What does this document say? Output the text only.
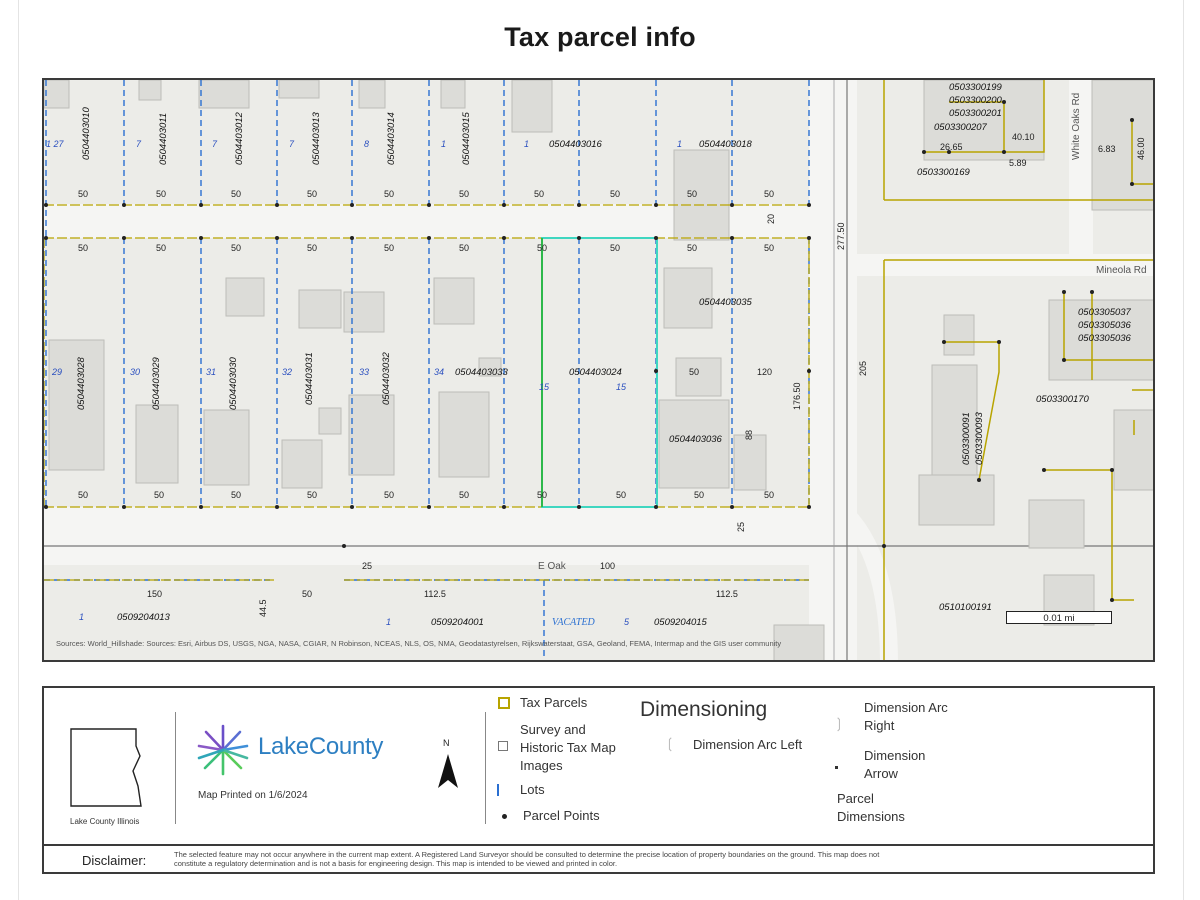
Tax parcel info
E Oak
Mineola Rd
White Oaks Rd
VACATED
0504403010	0504403011	0504403012	0504403013	0504403014	0504403015	0504403016	0504403018
0504403028	0504403029	0504403030	0504403031	0504403032	0504403033	0504403024
0504403035
0504403036
0509204013	0509204001	0509204015
0510100191
0503300199
0503300200
0503300201
0503300207
0503300169
0503305037
0503305036
0503305036
0503300170
0503300091 0503300093
1 27	7	7	7	8	1	1	1
29	30	31	32	33	34
15	15
1	1	5
50	50	50	50	50	50	50	50	50	50
50	50	50	50	50	50	50	50	50	50
50	50	50	50	50	50	50	50	50	50
50	120
20
100
112.5	112.5
150	50
25
44.5
205
176.50
25
88
26.65
40.10
5.89
6.83 46.00
277.50
Sources: World_Hillshade: Sources: Esri, Airbus DS, USGS, NGA, NASA, CGIAR, N Robinson, NCEAS, NLS, OS, NMA, Geodatastyrelsen, Rijkswaterstaat, GSA, Geoland, FEMA, Intermap and the GIS user community
0.01 mi
Lake County Illinois
LakeCounty
Map Printed on 1/6/2024
N
Tax Parcels
Survey and Historic Tax Map Images
Lots
Parcel Points
Dimensioning
❲ Dimension Arc Left
❳
Dimension Arc Right
Dimension Arrow
Parcel Dimensions
Disclaimer:	The selected feature may not occur anywhere in the current map extent. A Registered Land Surveyor should be consulted to determine the precise location of property boundaries on the ground. This map does not constitute a regulatory determination and is not a basis for engineering design. This map is intended to be viewed and printed in color.
